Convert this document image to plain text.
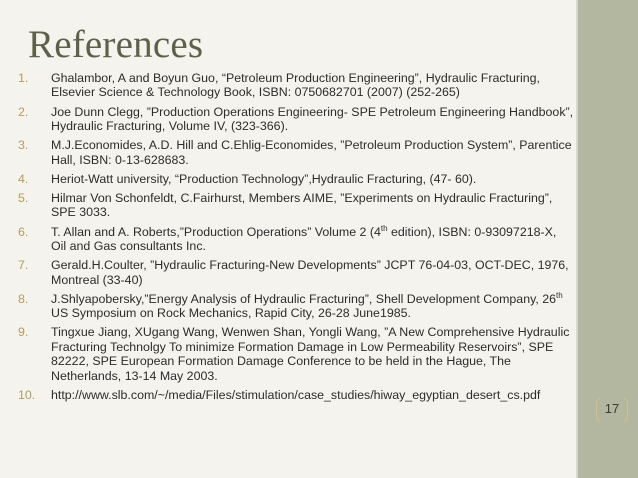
References
1.	Ghalambor, A and Boyun Guo, “Petroleum Production Engineering”, Hydraulic Fracturing, Elsevier Science & Technology Book, ISBN: 0750682701 (2007) (252-265)
2.	Joe Dunn Clegg, ”Production Operations Engineering- SPE Petroleum Engineering Handbook”, Hydraulic Fracturing, Volume IV, (323-366).
3.	M.J.Economides, A.D. Hill and C.Ehlig-Economides, ”Petroleum Production System”, Parentice Hall, ISBN: 0-13-628683.
4.	Heriot-Watt university, “Production Technology”,Hydraulic Fracturing, (47- 60).
5.	Hilmar Von Schonfeldt, C.Fairhurst, Members AIME, ”Experiments on Hydraulic Fracturing”, SPE 3033.
6.	T. Allan and A. Roberts,”Production Operations” Volume 2 (4th edition), ISBN: 0-93097218-X, Oil and Gas consultants Inc.
7.	Gerald.H.Coulter, ”Hydraulic Fracturing-New Developments” JCPT 76-04-03, OCT-DEC, 1976, Montreal (33-40)
8.	J.Shlyapobersky,”Energy Analysis of Hydraulic Fracturing”, Shell Development Company, 26th US Symposium on Rock Mechanics, Rapid City, 26-28 June1985.
9.	Tingxue Jiang, XUgang Wang, Wenwen Shan, Yongli Wang, ”A New Comprehensive Hydraulic Fracturing Technolgy To minimize Formation Damage in Low Permeability Reservoirs”, SPE 82222, SPE European Formation Damage Conference to be held in the Hague, The Netherlands, 13-14 May 2003.
10.	http://www.slb.com/~/media/Files/stimulation/case_studies/hiway_egyptian_desert_cs.pdf
17
